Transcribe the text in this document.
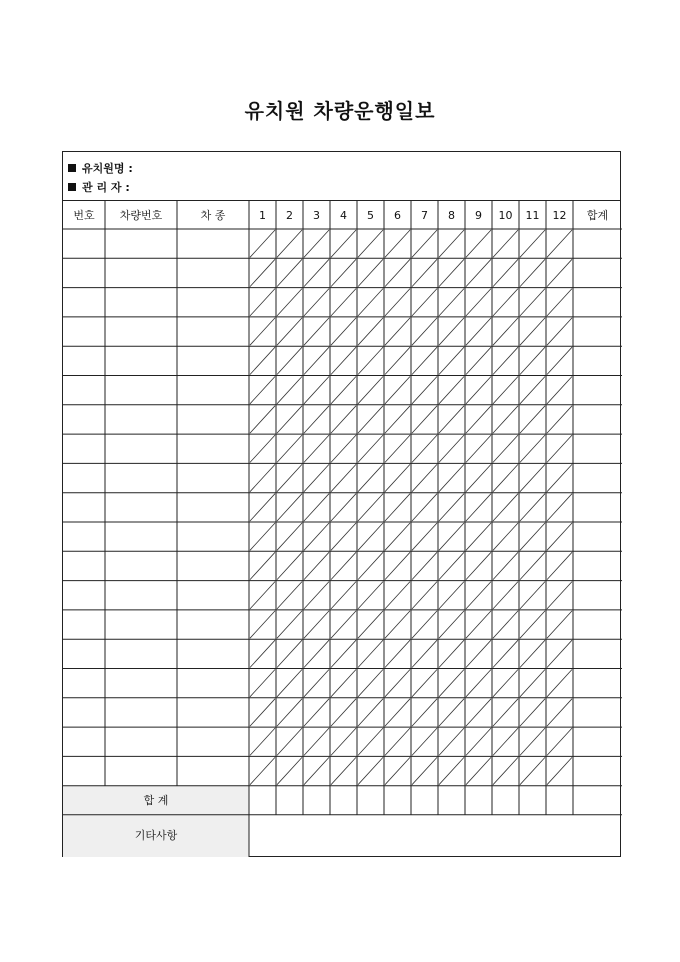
유치원 차량운행일보
유치원명 :
관 리 자 :
번호 차량번호	차 종	1 2 3 4 5 6 7 8 9 10 11 12 합계
합 계
기타사항
